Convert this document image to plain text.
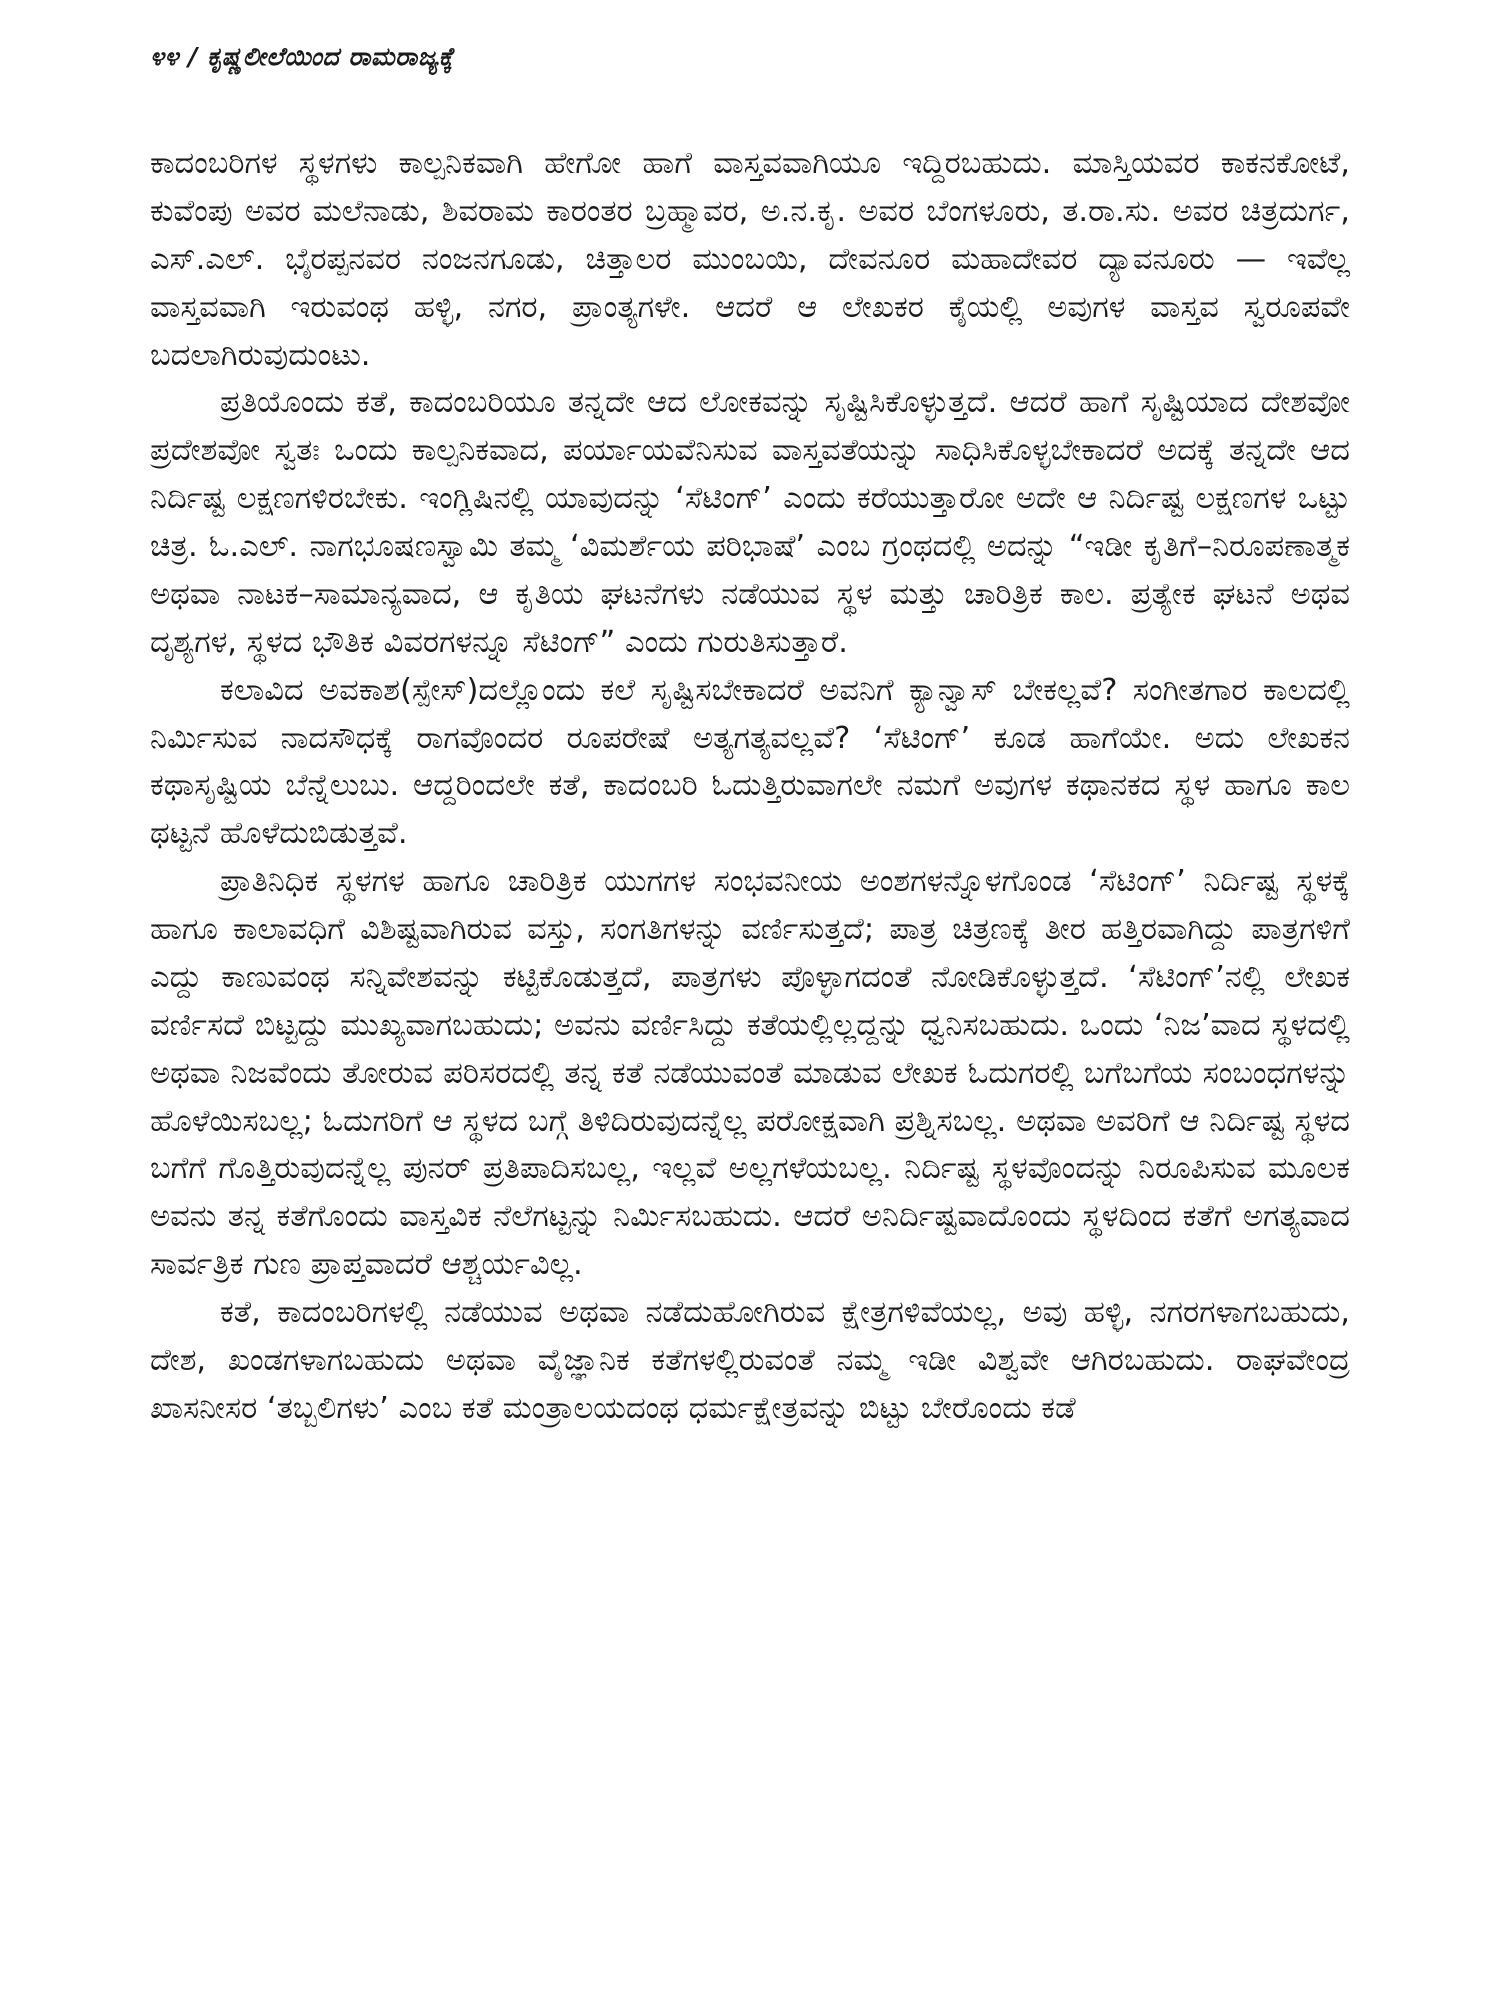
೪೪ / ಕೃಷ್ಣಲೀಲೆಯಿಂದ ರಾಮರಾಜ್ಯಕ್ಕೆ

ಕಾದಂಬರಿಗಳ ಸ್ಥಳಗಳು ಕಾಲ್ಪನಿಕವಾಗಿ ಹೇಗೋ ಹಾಗೆ ವಾಸ್ತವವಾಗಿಯೂ ಇದ್ದಿರಬಹುದು. ಮಾಸ್ತಿಯವರ ಕಾಕನಕೋಟೆ, ಕುವೆಂಪು ಅವರ ಮಲೆನಾಡು, ಶಿವರಾಮ ಕಾರಂತರ ಬ್ರಹ್ಮಾವರ, ಅ.ನ.ಕೃ. ಅವರ ಬೆಂಗಳೂರು, ತ.ರಾ.ಸು. ಅವರ ಚಿತ್ರದುರ್ಗ, ಎಸ್.ಎಲ್. ಭೈರಪ್ಪನವರ ನಂಜನಗೂಡು, ಚಿತ್ತಾಲರ ಮುಂಬಯಿ, ದೇವನೂರ ಮಹಾದೇವರ ದ್ಯಾವನೂರು — ಇವೆಲ್ಲ ವಾಸ್ತವವಾಗಿ ಇರುವಂಥ ಹಳ್ಳಿ, ನಗರ, ಪ್ರಾಂತ್ಯಗಳೇ. ಆದರೆ ಆ ಲೇಖಕರ ಕೈಯಲ್ಲಿ ಅವುಗಳ ವಾಸ್ತವ ಸ್ವರೂಪವೇ ಬದಲಾಗಿರುವುದುಂಟು.

ಪ್ರತಿಯೊಂದು ಕತೆ, ಕಾದಂಬರಿಯೂ ತನ್ನದೇ ಆದ ಲೋಕವನ್ನು ಸೃಷ್ಟಿಸಿಕೊಳ್ಳುತ್ತದೆ. ಆದರೆ ಹಾಗೆ ಸೃಷ್ಟಿಯಾದ ದೇಶವೋ ಪ್ರದೇಶವೋ ಸ್ವತಃ ಒಂದು ಕಾಲ್ಪನಿಕವಾದ, ಪರ್ಯಾಯವೆನಿಸುವ ವಾಸ್ತವತೆಯನ್ನು ಸಾಧಿಸಿಕೊಳ್ಳಬೇಕಾದರೆ ಅದಕ್ಕೆ ತನ್ನದೇ ಆದ ನಿರ್ದಿಷ್ಟ ಲಕ್ಷಣಗಳಿರಬೇಕು. ಇಂಗ್ಲಿಷಿನಲ್ಲಿ ಯಾವುದನ್ನು ‘ಸೆಟಿಂಗ್’ ಎಂದು ಕರೆಯುತ್ತಾರೋ ಅದೇ ಆ ನಿರ್ದಿಷ್ಟ ಲಕ್ಷಣಗಳ ಒಟ್ಟು ಚಿತ್ರ. ಓ.ಎಲ್. ನಾಗಭೂಷಣಸ್ವಾಮಿ ತಮ್ಮ ‘ವಿಮರ್ಶೆಯ ಪರಿಭಾಷೆ’ ಎಂಬ ಗ್ರಂಥದಲ್ಲಿ ಅದನ್ನು “ಇಡೀ ಕೃತಿಗೆ–ನಿರೂಪಣಾತ್ಮಕ ಅಥವಾ ನಾಟಕ–ಸಾಮಾನ್ಯವಾದ, ಆ ಕೃತಿಯ ಘಟನೆಗಳು ನಡೆಯುವ ಸ್ಥಳ ಮತ್ತು ಚಾರಿತ್ರಿಕ ಕಾಲ. ಪ್ರತ್ಯೇಕ ಘಟನೆ ಅಥವ ದೃಶ್ಯಗಳ, ಸ್ಥಳದ ಭೌತಿಕ ವಿವರಗಳನ್ನೂ ಸೆಟಿಂಗ್” ಎಂದು ಗುರುತಿಸುತ್ತಾರೆ.

ಕಲಾವಿದ ಅವಕಾಶ(ಸ್ಪೇಸ್)ದಲ್ಲೊಂದು ಕಲೆ ಸೃಷ್ಟಿಸಬೇಕಾದರೆ ಅವನಿಗೆ ಕ್ಯಾನ್ವಾಸ್ ಬೇಕಲ್ಲವೆ? ಸಂಗೀತಗಾರ ಕಾಲದಲ್ಲಿ ನಿರ್ಮಿಸುವ ನಾದಸೌಧಕ್ಕೆ ರಾಗವೊಂದರ ರೂಪರೇಷೆ ಅತ್ಯಗತ್ಯವಲ್ಲವೆ? ‘ಸೆಟಿಂಗ್’ ಕೂಡ ಹಾಗೆಯೇ. ಅದು ಲೇಖಕನ ಕಥಾಸೃಷ್ಟಿಯ ಬೆನ್ನೆಲುಬು. ಆದ್ದರಿಂದಲೇ ಕತೆ, ಕಾದಂಬರಿ ಓದುತ್ತಿರುವಾಗಲೇ ನಮಗೆ ಅವುಗಳ ಕಥಾನಕದ ಸ್ಥಳ ಹಾಗೂ ಕಾಲ ಥಟ್ಟನೆ ಹೊಳೆದುಬಿಡುತ್ತವೆ.

ಪ್ರಾತಿನಿಧಿಕ ಸ್ಥಳಗಳ ಹಾಗೂ ಚಾರಿತ್ರಿಕ ಯುಗಗಳ ಸಂಭವನೀಯ ಅಂಶಗಳನ್ನೊಳಗೊಂಡ ‘ಸೆಟಿಂಗ್’ ನಿರ್ದಿಷ್ಟ ಸ್ಥಳಕ್ಕೆ ಹಾಗೂ ಕಾಲಾವಧಿಗೆ ವಿಶಿಷ್ಟವಾಗಿರುವ ವಸ್ತು, ಸಂಗತಿಗಳನ್ನು ವರ್ಣಿಸುತ್ತದೆ; ಪಾತ್ರ ಚಿತ್ರಣಕ್ಕೆ ತೀರ ಹತ್ತಿರವಾಗಿದ್ದು ಪಾತ್ರಗಳಿಗೆ ಎದ್ದು ಕಾಣುವಂಥ ಸನ್ನಿವೇಶವನ್ನು ಕಟ್ಟಿಕೊಡುತ್ತದೆ, ಪಾತ್ರಗಳು ಪೊಳ್ಳಾಗದಂತೆ ನೋಡಿಕೊಳ್ಳುತ್ತದೆ. ‘ಸೆಟಿಂಗ್’ನಲ್ಲಿ ಲೇಖಕ ವರ್ಣಿಸದೆ ಬಿಟ್ಟದ್ದು ಮುಖ್ಯವಾಗಬಹುದು; ಅವನು ವರ್ಣಿಸಿದ್ದು ಕತೆಯಲ್ಲಿಲ್ಲದ್ದನ್ನು ಧ್ವನಿಸಬಹುದು. ಒಂದು ‘ನಿಜ’ವಾದ ಸ್ಥಳದಲ್ಲಿ ಅಥವಾ ನಿಜವೆಂದು ತೋರುವ ಪರಿಸರದಲ್ಲಿ ತನ್ನ ಕತೆ ನಡೆಯುವಂತೆ ಮಾಡುವ ಲೇಖಕ ಓದುಗರಲ್ಲಿ ಬಗೆಬಗೆಯ ಸಂಬಂಧಗಳನ್ನು ಹೊಳೆಯಿಸಬಲ್ಲ; ಓದುಗರಿಗೆ ಆ ಸ್ಥಳದ ಬಗ್ಗೆ ತಿಳಿದಿರುವುದನ್ನೆಲ್ಲ ಪರೋಕ್ಷವಾಗಿ ಪ್ರಶ್ನಿಸಬಲ್ಲ. ಅಥವಾ ಅವರಿಗೆ ಆ ನಿರ್ದಿಷ್ಟ ಸ್ಥಳದ ಬಗೆಗೆ ಗೊತ್ತಿರುವುದನ್ನೆಲ್ಲ ಪುನರ್ ಪ್ರತಿಪಾದಿಸಬಲ್ಲ, ಇಲ್ಲವೆ ಅಲ್ಲಗಳೆಯಬಲ್ಲ. ನಿರ್ದಿಷ್ಟ ಸ್ಥಳವೊಂದನ್ನು ನಿರೂಪಿಸುವ ಮೂಲಕ ಅವನು ತನ್ನ ಕತೆಗೊಂದು ವಾಸ್ತವಿಕ ನೆಲೆಗಟ್ಟನ್ನು ನಿರ್ಮಿಸಬಹುದು. ಆದರೆ ಅನಿರ್ದಿಷ್ಟವಾದೊಂದು ಸ್ಥಳದಿಂದ ಕತೆಗೆ ಅಗತ್ಯವಾದ ಸಾರ್ವತ್ರಿಕ ಗುಣ ಪ್ರಾಪ್ತವಾದರೆ ಆಶ್ಚರ್ಯವಿಲ್ಲ.

ಕತೆ, ಕಾದಂಬರಿಗಳಲ್ಲಿ ನಡೆಯುವ ಅಥವಾ ನಡೆದುಹೋಗಿರುವ ಕ್ಷೇತ್ರಗಳಿವೆಯಲ್ಲ, ಅವು ಹಳ್ಳಿ, ನಗರಗಳಾಗಬಹುದು, ದೇಶ, ಖಂಡಗಳಾಗಬಹುದು ಅಥವಾ ವೈಜ್ಞಾನಿಕ ಕತೆಗಳಲ್ಲಿರುವಂತೆ ನಮ್ಮ ಇಡೀ ವಿಶ್ವವೇ ಆಗಿರಬಹುದು. ರಾಘವೇಂದ್ರ ಖಾಸನೀಸರ ‘ತಬ್ಬಲಿಗಳು’ ಎಂಬ ಕತೆ ಮಂತ್ರಾಲಯದಂಥ ಧರ್ಮಕ್ಷೇತ್ರವನ್ನು ಬಿಟ್ಟು ಬೇರೊಂದು ಕಡೆ
